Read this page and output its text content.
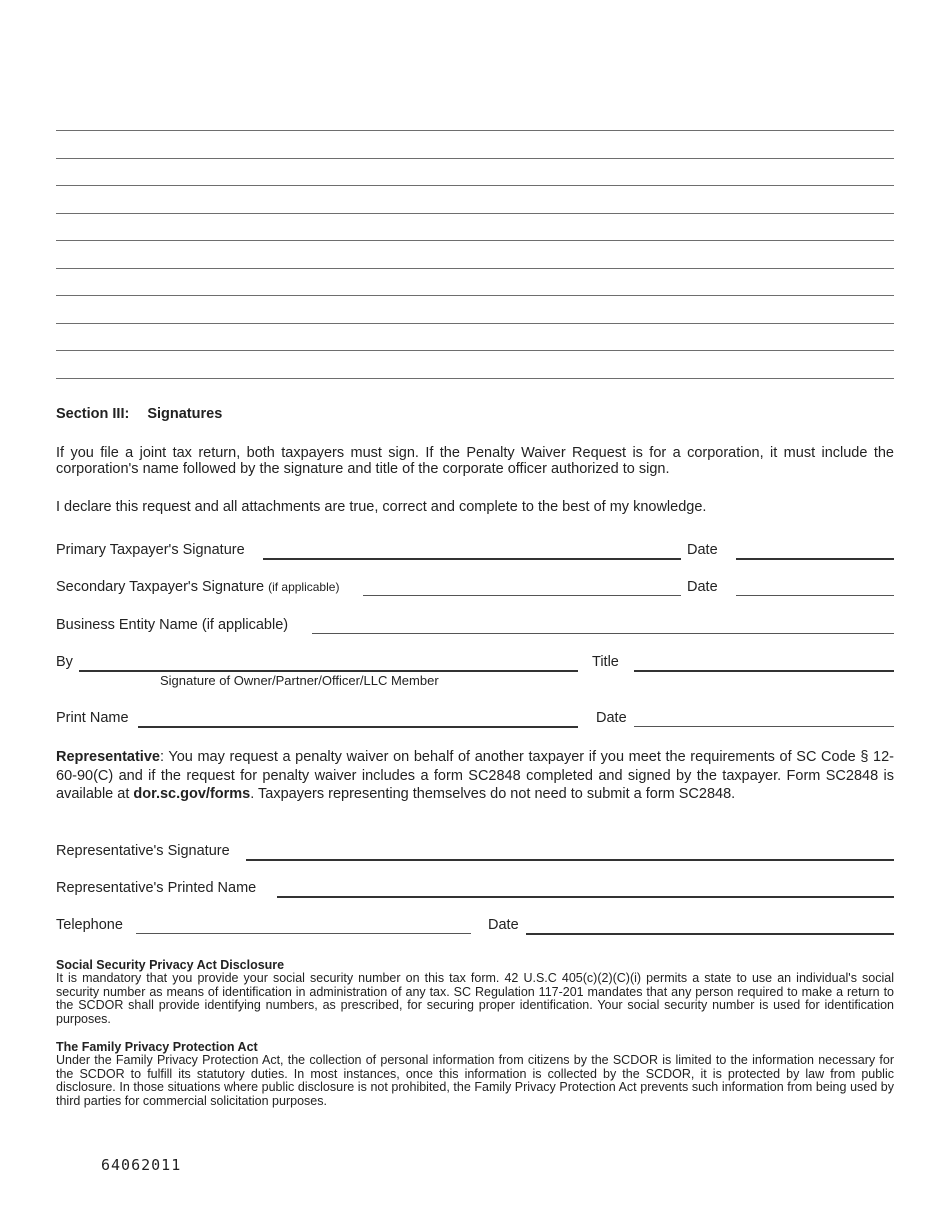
Section III: Signatures
If you file a joint tax return, both taxpayers must sign. If the Penalty Waiver Request is for a corporation, it must include the corporation's name followed by the signature and title of the corporate officer authorized to sign.
I declare this request and all attachments are true, correct and complete to the best of my knowledge.
Primary Taxpayer's Signature	Date
Secondary Taxpayer's Signature (if applicable)	Date
Business Entity Name (if applicable)
By
Signature of Owner/Partner/Officer/LLC Member
Title
Print Name	Date
Representative: You may request a penalty waiver on behalf of another taxpayer if you meet the requirements of SC Code § 12-60-90(C) and if the request for penalty waiver includes a form SC2848 completed and signed by the taxpayer. Form SC2848 is available at dor.sc.gov/forms. Taxpayers representing themselves do not need to submit a form SC2848.
Representative's Signature
Representative's Printed Name
Telephone	Date
Social Security Privacy Act Disclosure
It is mandatory that you provide your social security number on this tax form. 42 U.S.C 405(c)(2)(C)(i) permits a state to use an individual's social security number as means of identification in administration of any tax. SC Regulation 117-201 mandates that any person required to make a return to the SCDOR shall provide identifying numbers, as prescribed, for securing proper identification. Your social security number is used for identification purposes.
The Family Privacy Protection Act
Under the Family Privacy Protection Act, the collection of personal information from citizens by the SCDOR is limited to the information necessary for the SCDOR to fulfill its statutory duties. In most instances, once this information is collected by the SCDOR, it is protected by law from public disclosure. In those situations where public disclosure is not prohibited, the Family Privacy Protection Act prevents such information from being used by third parties for commercial solicitation purposes.
64062011
